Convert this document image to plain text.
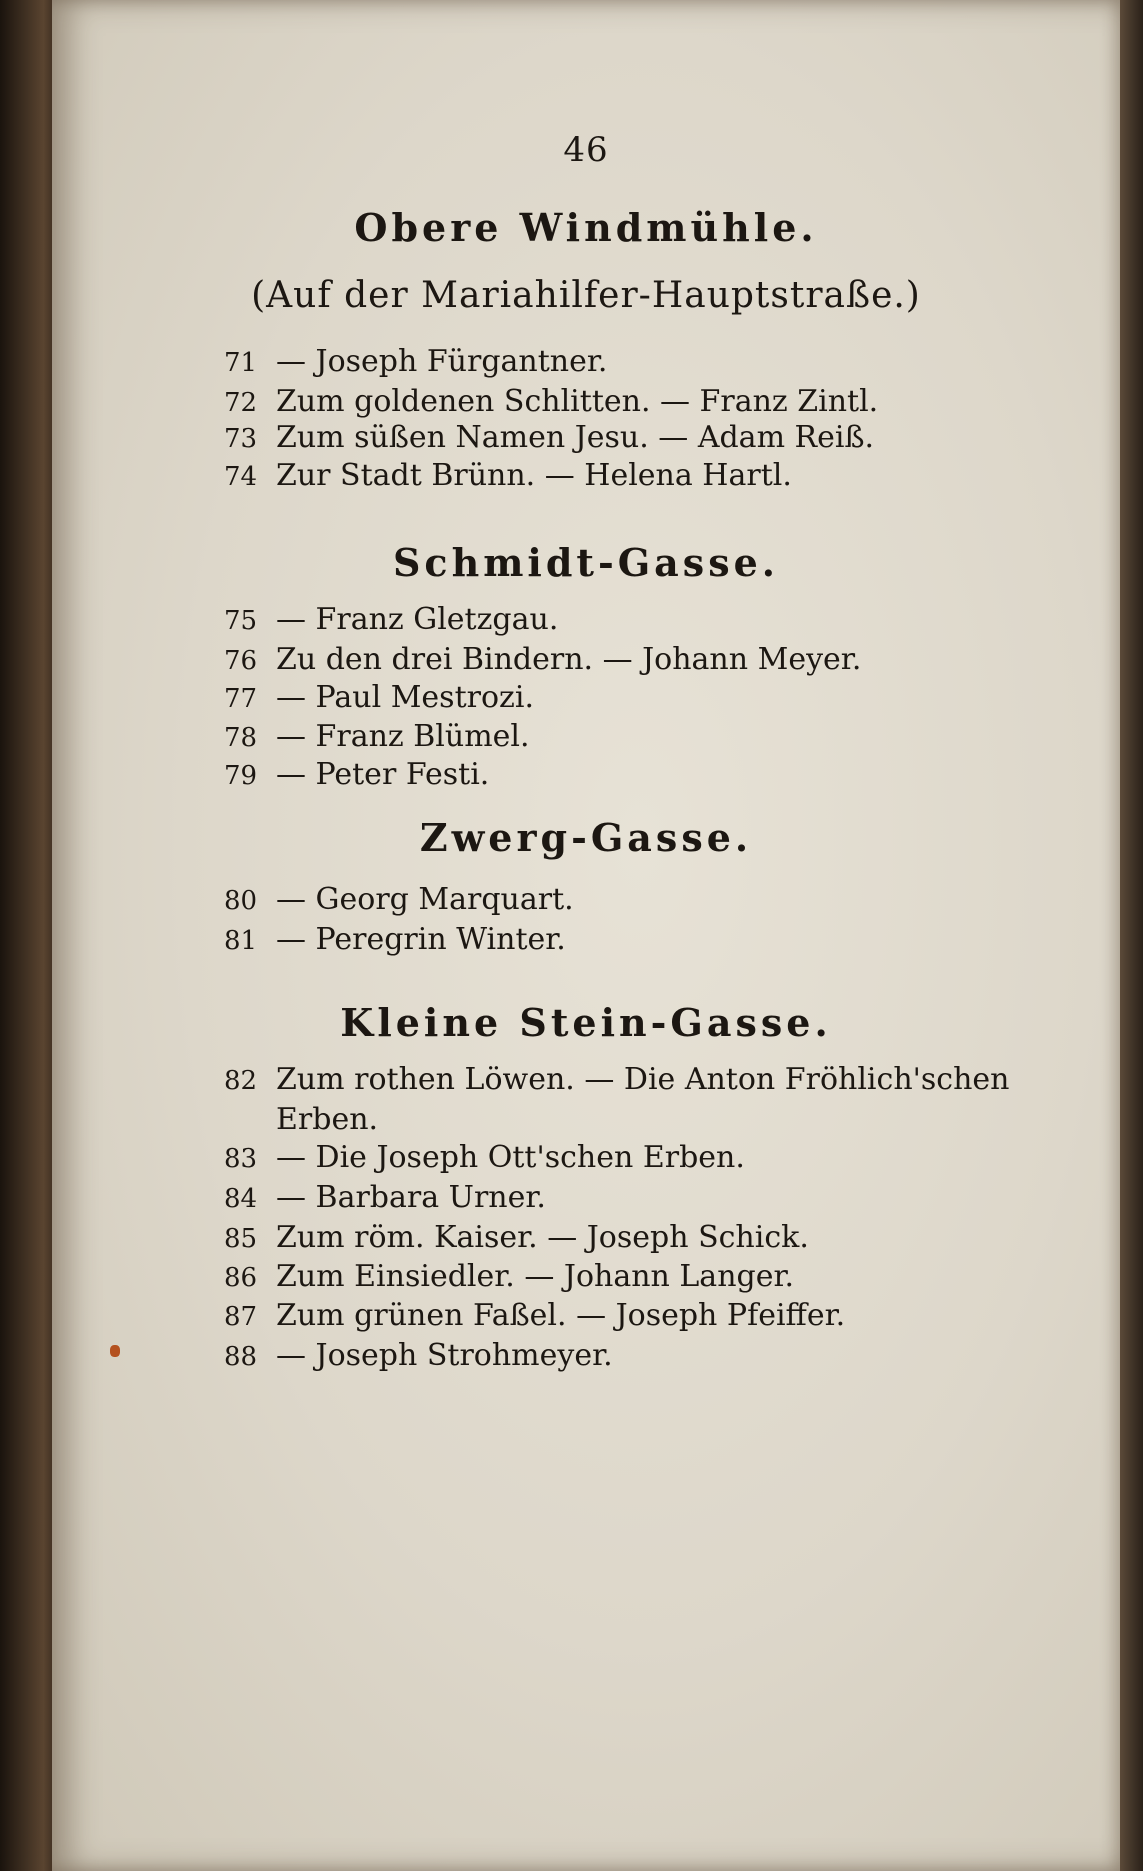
46
Obere Windmühle.
(Auf der Mariahilfer-Hauptstraße.)
71 — Joseph Fürgantner.
72 Zum goldenen Schlitten. — Franz Zintl.
73 Zum süßen Namen Jesu. — Adam Reiß.
74 Zur Stadt Brünn. — Helena Hartl.
Schmidt-Gasse.
75 — Franz Gletzgau.
76 Zu den drei Bindern. — Johann Meyer.
77 — Paul Mestrozi.
78 — Franz Blümel.
79 — Peter Festi.
Zwerg-Gasse.
80 — Georg Marquart.
81 — Peregrin Winter.
Kleine Stein-Gasse.
82 Zum rothen Löwen. — Die Anton Fröhlich'schen
Erben.
83 — Die Joseph Ott'schen Erben.
84 — Barbara Urner.
85 Zum röm. Kaiser. — Joseph Schick.
86 Zum Einsiedler. — Johann Langer.
87 Zum grünen Faßel. — Joseph Pfeiffer.
88 — Joseph Strohmeyer.
